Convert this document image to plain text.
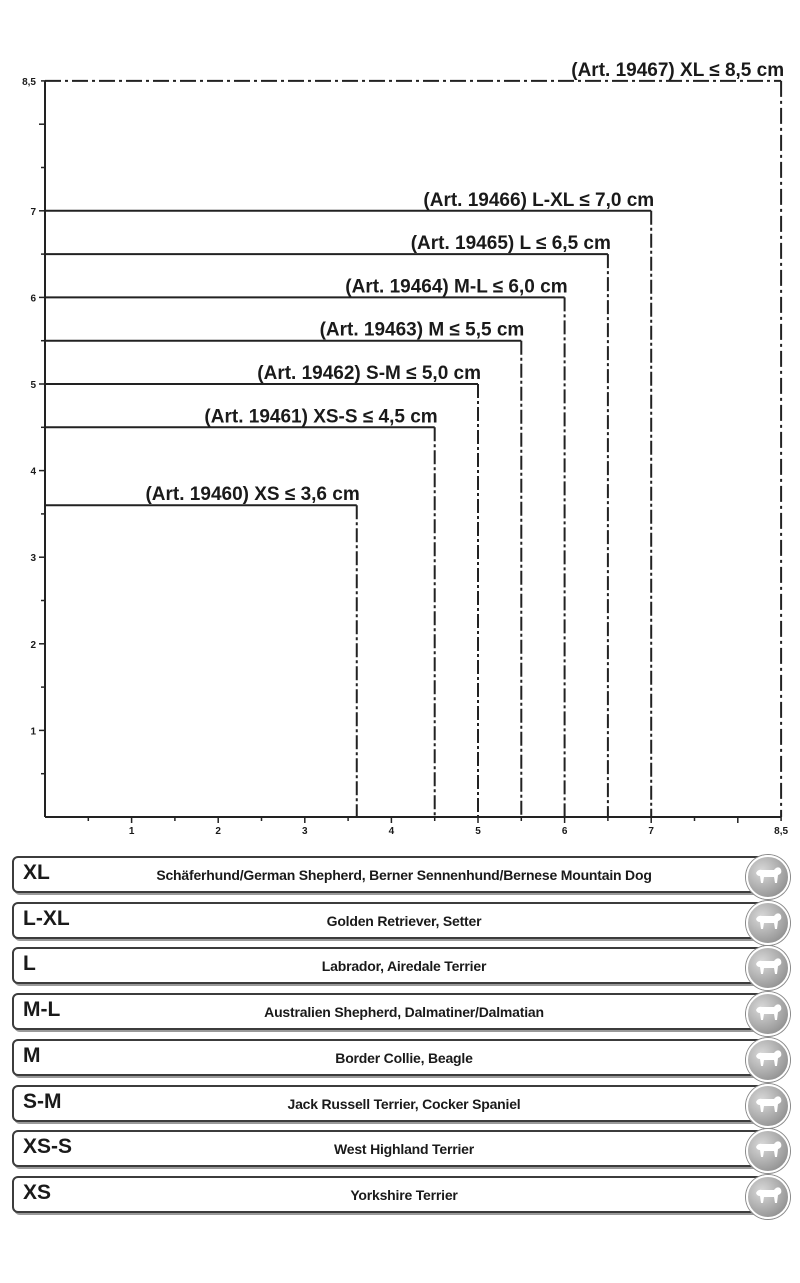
1	2	3	4	5	6	7	8,5
1
2
3
4
5
6
7
8,5
(Art. 19460) XS ≤ 3,6 cm
(Art. 19461) XS-S ≤ 4,5 cm
(Art. 19462) S-M ≤ 5,0 cm
(Art. 19463) M ≤ 5,5 cm
(Art. 19464) M-L ≤ 6,0 cm
(Art. 19465) L ≤ 6,5 cm
(Art. 19466) L-XL ≤ 7,0 cm
(Art. 19467) XL ≤ 8,5 cm
XL	Schäferhund/German Shepherd, Berner Sennenhund/Bernese Mountain Dog
L-XL	Golden Retriever, Setter
L	Labrador, Airedale Terrier
M-L	Australien Shepherd, Dalmatiner/Dalmatian
M	Border Collie, Beagle
S-M	Jack Russell Terrier, Cocker Spaniel
XS-S	West Highland Terrier
XS	Yorkshire Terrier
